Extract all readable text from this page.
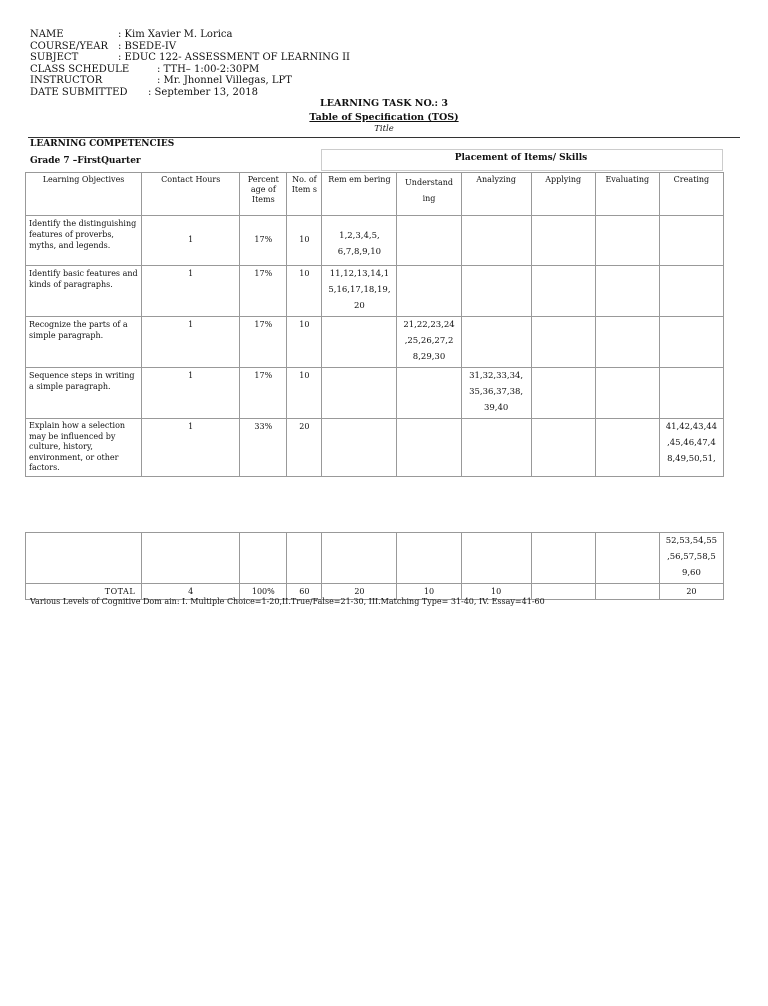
NAME	: Kim Xavier M. Lorica
COURSE/YEAR : BSEDE-IV
SUBJECT	: EDUC 122- ASSESSMENT OF LEARNING II
CLASS SCHEDULE	: TTH– 1:00-2:30PM
INSTRUCTOR	: Mr. Jhonnel Villegas, LPT
DATE SUBMITTED : September 13, 2018
LEARNING TASK NO.: 3
Table of Specification (TOS)
Title
LEARNING COMPETENCIES
Grade 7 –FirstQuarter	Placement of Items/ Skills
Learning Objectives	Contact Hours	Percent age of Items	No. of Item s	Rem em bering	Understand ing	Analyzing	Applying	Evaluating	Creating
Identify the distinguishing features of proverbs, myths, and legends.	1	17%	10	1,2,3,4,5, 6,7,8,9,10					
Identify basic features and kinds of paragraphs.	1	17%	10	11,12,13,14,1 5,16,17,18,19, 20					
Recognize the parts of a simple paragraph.	1	17%	10		21,22,23,24 ,25,26,27,2 8,29,30				
Sequence steps in writing a simple paragraph.	1	17%	10			31,32,33,34, 35,36,37,38, 39,40			
Explain how a selection may be influenced by culture, history, environment, or other factors.	1	33%	20						41,42,43,44 ,45,46,47,4 8,49,50,51,
									52,53,54,55 ,56,57,58,5 9,60
TOTAL	4	100%	60	20	10	10			20
Various Levels of Cognitive Dom ain: I. Multiple Choice=1-20,II.True/False=21-30, III.Matching Type= 31-40, IV. Essay=41-60
